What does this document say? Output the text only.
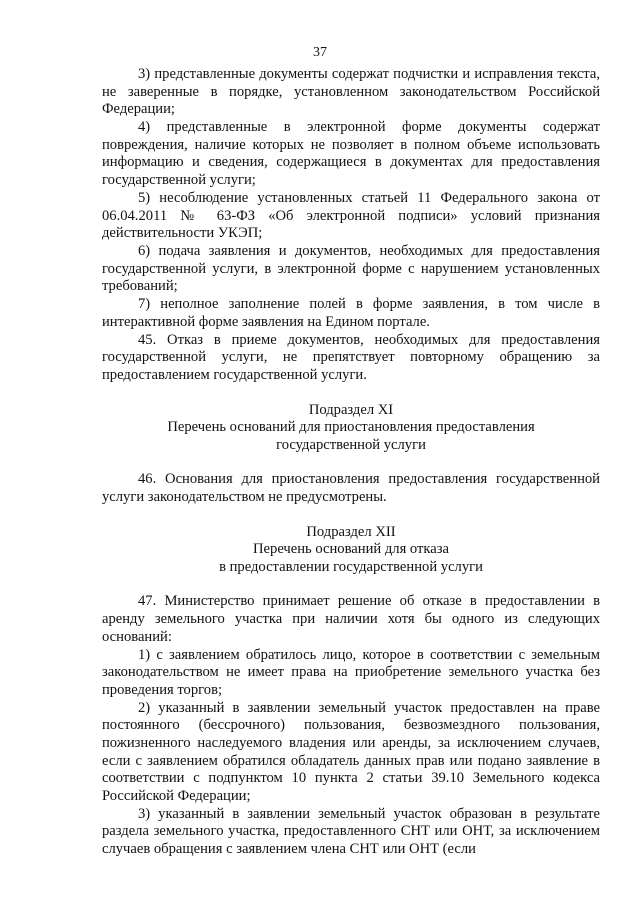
37

3) представленные документы содержат подчистки и исправления текста, не заверенные в порядке, установленном законодательством Российской Федерации;

4) представленные в электронной форме документы содержат повреждения, наличие которых не позволяет в полном объеме использовать информацию и сведения, содержащиеся в документах для предоставления государственной услуги;

5) несоблюдение установленных статьей 11 Федерального закона от 06.04.2011 № 63-ФЗ «Об электронной подписи» условий признания действительности УКЭП;

6) подача заявления и документов, необходимых для предоставления государственной услуги, в электронной форме с нарушением установленных требований;

7) неполное заполнение полей в форме заявления, в том числе в интерактивной форме заявления на Едином портале.

45. Отказ в приеме документов, необходимых для предоставления государственной услуги, не препятствует повторному обращению за предоставлением государственной услуги.

Подраздел XI

Перечень оснований для приостановления предоставления

государственной услуги

46. Основания для приостановления предоставления государственной услуги законодательством не предусмотрены.

Подраздел XII

Перечень оснований для отказа

в предоставлении государственной услуги

47. Министерство принимает решение об отказе в предоставлении в аренду земельного участка при наличии хотя бы одного из следующих оснований:

1) с заявлением обратилось лицо, которое в соответствии с земельным законодательством не имеет права на приобретение земельного участка без проведения торгов;

2) указанный в заявлении земельный участок предоставлен на праве постоянного (бессрочного) пользования, безвозмездного пользования, пожизненного наследуемого владения или аренды, за исключением случаев, если с заявлением обратился обладатель данных прав или подано заявление в соответствии с подпунктом 10 пункта 2 статьи 39.10 Земельного кодекса Российской Федерации;

3) указанный в заявлении земельный участок образован в результате раздела земельного участка, предоставленного СНТ или ОНТ, за исключением случаев обращения с заявлением члена СНТ или ОНТ (если
